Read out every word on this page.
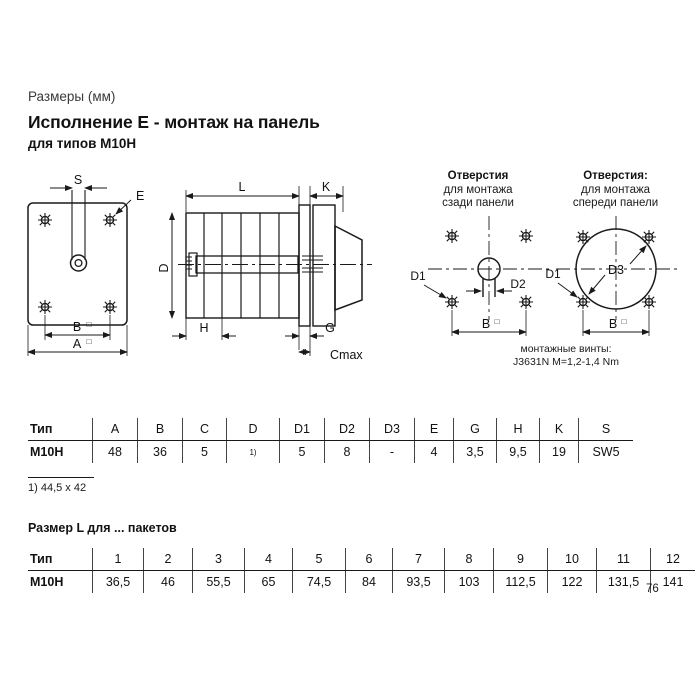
Размеры (мм)

Исполнение E - монтаж на панель

для типов M10H

S
E
B □
A □
L	K
D
H	G
Cmax
D1
D2
B □
D3
D1
B □
Отверстия
для монтажа
сзади панели
Отверстия:
для монтажа
спереди панели
монтажные винты:
J3631N M=1,2-1,4 Nm
Тип	A	B	C	D	D1	D2	D3	E	G	H	K	S
M10H	48	36	5	1)	5	8	-	4	3,5	9,5	19	SW5
1) 44,5 x 42
Размер L для ... пакетов
Тип	1	2	3	4	5	6	7	8	9	10	11	12
M10H	36,5	46	55,5	65	74,5	84	93,5	103	112,5	122	131,5	141
76
